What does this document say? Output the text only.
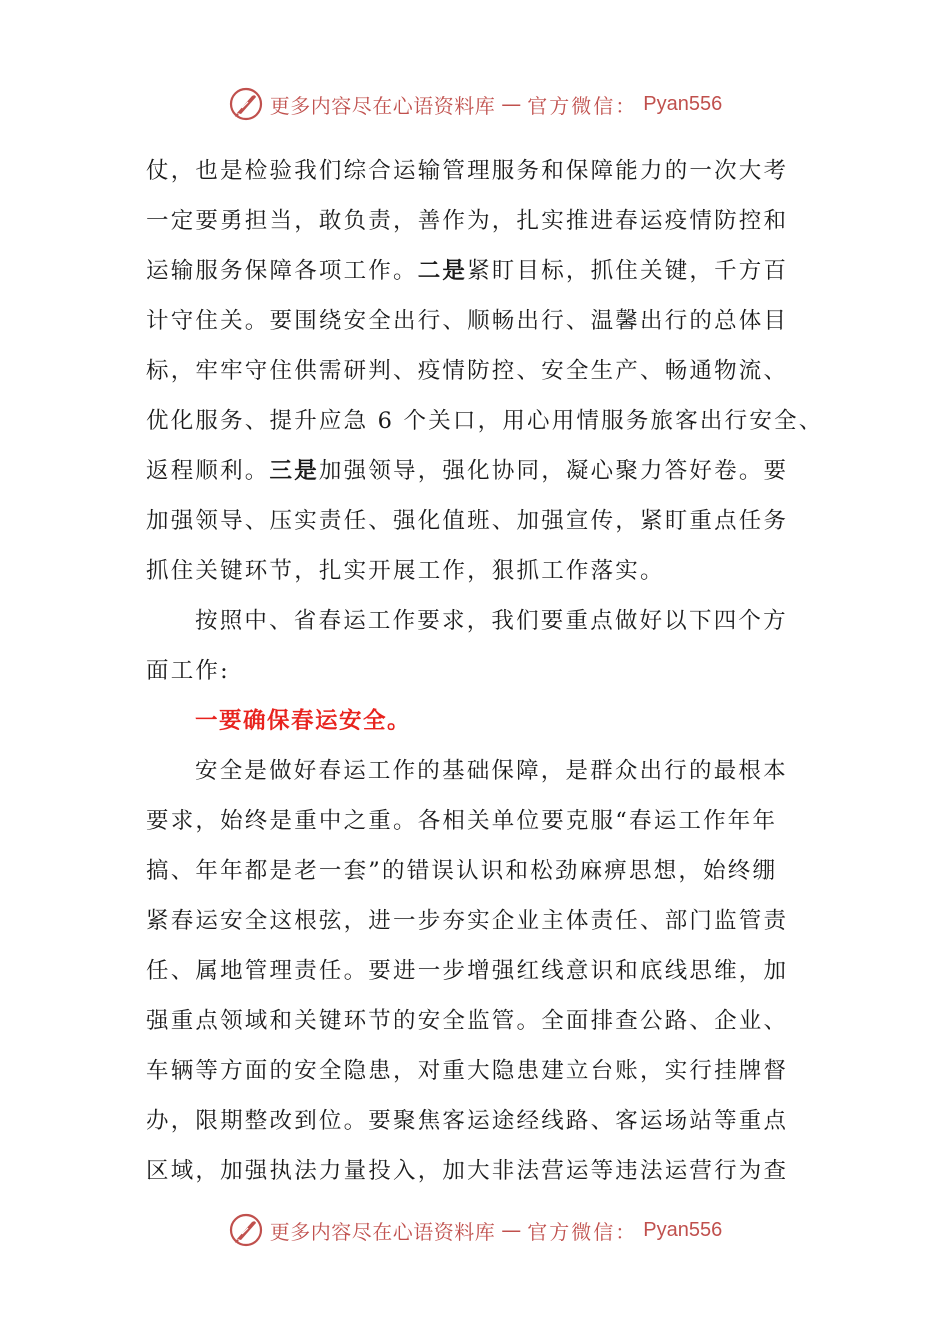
更多内容尽在心语资料库 — 官方微信： Pyan556
仗，也是检验我们综合运输管理服务和保障能力的一次大考
一定要勇担当，敢负责，善作为，扎实推进春运疫情防控和
运输服务保障各项工作。二是紧盯目标，抓住关键，千方百
计守住关。要围绕安全出行、顺畅出行、温馨出行的总体目
标，牢牢守住供需研判、疫情防控、安全生产、畅通物流、
优化服务、提升应急 6 个关口，用心用情服务旅客出行安全、
返程顺利。三是加强领导，强化协同，凝心聚力答好卷。要
加强领导、压实责任、强化值班、加强宣传，紧盯重点任务
抓住关键环节，扎实开展工作，狠抓工作落实。
按照中、省春运工作要求，我们要重点做好以下四个方
面工作:
一要确保春运安全。
安全是做好春运工作的基础保障，是群众出行的最根本
要求，始终是重中之重。各相关单位要克服“春运工作年年
搞、年年都是老一套”的错误认识和松劲麻痹思想，始终绷
紧春运安全这根弦，进一步夯实企业主体责任、部门监管责
任、属地管理责任。要进一步增强红线意识和底线思维，加
强重点领域和关键环节的安全监管。全面排查公路、企业、
车辆等方面的安全隐患，对重大隐患建立台账，实行挂牌督
办，限期整改到位。要聚焦客运途经线路、客运场站等重点
区域，加强执法力量投入，加大非法营运等违法运营行为查
更多内容尽在心语资料库 — 官方微信： Pyan556
